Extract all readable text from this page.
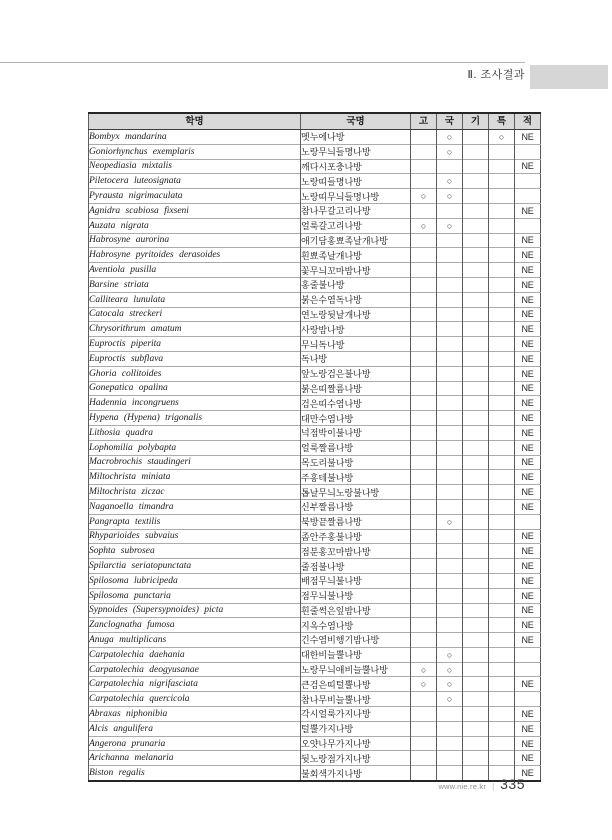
Ⅱ. 조사결과
학명	국명	고	국	기	특	적
Bombyx mandarina	멧누에나방		○		○	NE
Goniorhynchus exemplaris	노랑무늬들명나방		○			
Neopediasia mixtalis	깨다시포충나방					NE
Piletocera luteosignata	노랑띠들명나방		○			
Pyrausta nigrimaculata	노랑띠무늬들명나방	○	○			
Agnidra scabiosa fixseni	참나무갈고리나방					NE
Auzata nigrata	얼룩갈고리나방	○	○			
Habrosyne aurorina	애기담홍뾰족날개나방					NE
Habrosyne pyritoides derasoides	흰뾰족날개나방					NE
Aventiola pusilla	꽃무늬꼬마밤나방					NE
Barsine striata	홍줄불나방					NE
Calliteara lunulata	붉은수염독나방					NE
Catocala streckeri	연노랑뒷날개나방					NE
Chrysorithrum amatum	사랑밤나방					NE
Euproctis piperita	무늬독나방					NE
Euproctis subflava	독나방					NE
Ghoria collitoides	앞노랑검은불나방					NE
Gonepatica opalina	붉은띠짤름나방					NE
Hadennia incongruens	검은띠수염나방					NE
Hypena (Hypena) trigonalis	대만수염나방					NE
Lithosia quadra	넉점박이불나방					NE
Lophomilia polybapta	얼룩짤름나방					NE
Macrobrochis staudingeri	목도리불나방					NE
Miltochrista miniata	주홍테불나방					NE
Miltochrista ziczac	톱날무늬노랑불나방					NE
Naganoella timandra	신부짤름나방					NE
Pangrapta textilis	북방끝짤름나방		○			
Rhyparioides subvaius	좀안주홍불나방					NE
Sophta subrosea	점분홍꼬마밤나방					NE
Spilarctia seriatopunctata	줄점불나방					NE
Spilosoma lubricipeda	배점무늬불나방					NE
Spilosoma punctaria	점무늬불나방					NE
Sypnoides (Supersypnoides) picta	흰줄썩은잎밤나방					NE
Zanclognatha fumosa	지옥수염나방					NE
Anuga multiplicans	긴수염비행기밤나방					NE
Carpatolechia daehania	대한비늘뿔나방		○			
Carpatolechia deogyusanae	노랑무늬애비늘뿔나방	○	○			
Carpatolechia nigrifasciata	큰검은띠털뿔나방	○	○			NE
Carpatolechia quercicola	참나무비늘뿔나방		○			
Abraxas niphonibia	각시얼룩가지나방					NE
Alcis angulifera	털뿔가지나방					NE
Angerona prunaria	오얏나무가지나방					NE
Arichanna melanaria	뒷노랑점가지나방					NE
Biston regalis	불회색가지나방					NE
www.nie.re.kr | 335
